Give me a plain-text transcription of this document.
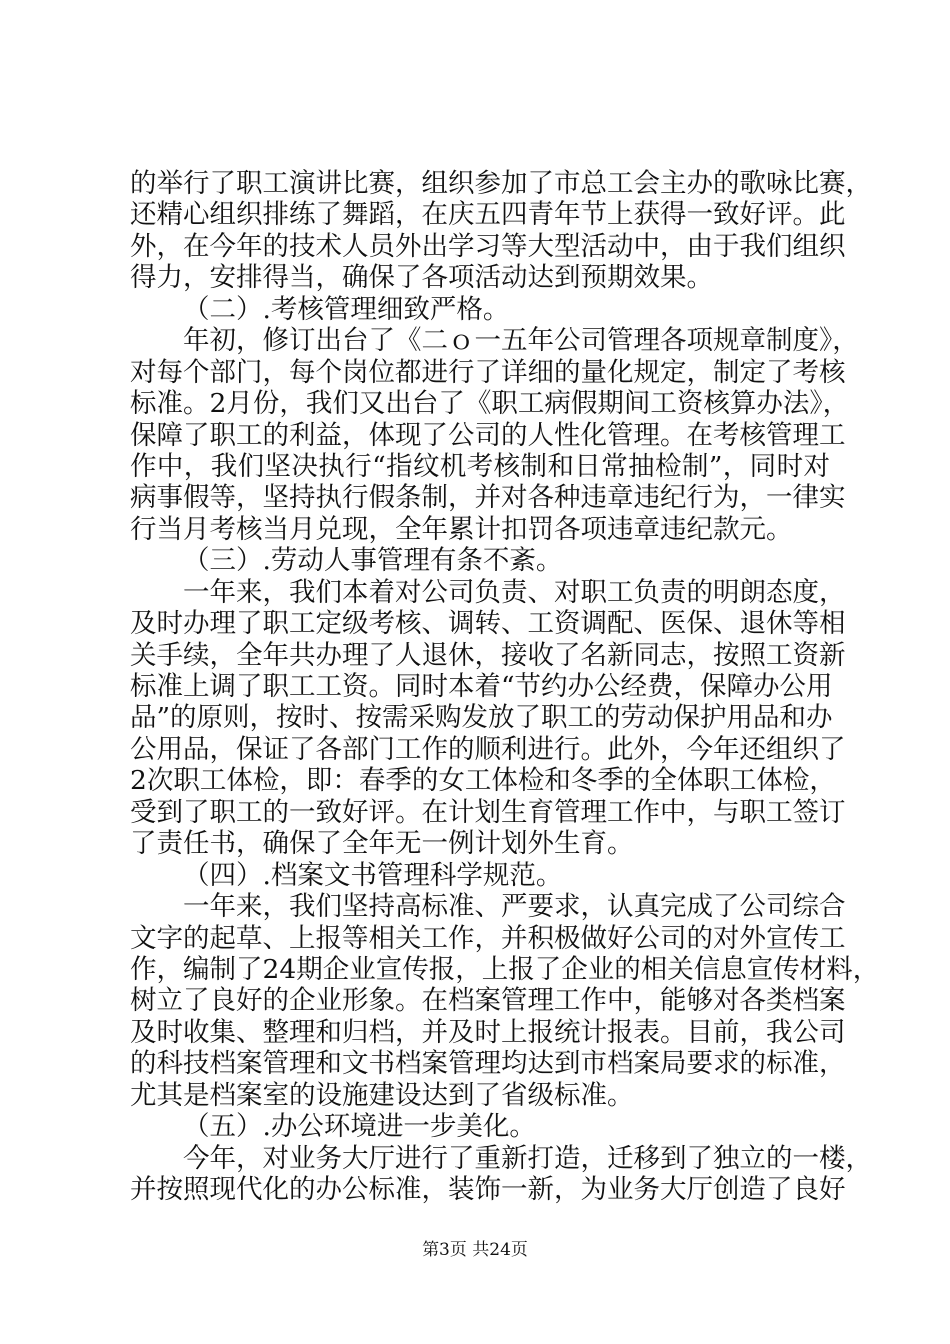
的举行了职工演讲比赛，组织参加了市总工会主办的歌咏比赛，
还精心组织排练了舞蹈，在庆五四青年节上获得一致好评。此
外，在今年的技术人员外出学习等大型活动中，由于我们组织
得力，安排得当，确保了各项活动达到预期效果。
（二）.考核管理细致严格。
年初，修订出台了《二ｏ一五年公司管理各项规章制度》，
对每个部门，每个岗位都进行了详细的量化规定，制定了考核
标准。2月份，我们又出台了《职工病假期间工资核算办法》，
保障了职工的利益，体现了公司的人性化管理。在考核管理工
作中，我们坚决执行“指纹机考核制和日常抽检制”，同时对
病事假等，坚持执行假条制，并对各种违章违纪行为，一律实
行当月考核当月兑现，全年累计扣罚各项违章违纪款元。
（三）.劳动人事管理有条不紊。
一年来，我们本着对公司负责、对职工负责的明朗态度，
及时办理了职工定级考核、调转、工资调配、医保、退休等相
关手续，全年共办理了人退休，接收了名新同志，按照工资新
标准上调了职工工资。同时本着“节约办公经费，保障办公用
品”的原则，按时、按需采购发放了职工的劳动保护用品和办
公用品，保证了各部门工作的顺利进行。此外，今年还组织了
2次职工体检，即：春季的女工体检和冬季的全体职工体检，
受到了职工的一致好评。在计划生育管理工作中，与职工签订
了责任书，确保了全年无一例计划外生育。
（四）.档案文书管理科学规范。
一年来，我们坚持高标准、严要求，认真完成了公司综合
文字的起草、上报等相关工作，并积极做好公司的对外宣传工
作，编制了24期企业宣传报，上报了企业的相关信息宣传材料，
树立了良好的企业形象。在档案管理工作中，能够对各类档案
及时收集、整理和归档，并及时上报统计报表。目前，我公司
的科技档案管理和文书档案管理均达到市档案局要求的标准，
尤其是档案室的设施建设达到了省级标准。
（五）.办公环境进一步美化。
今年，对业务大厅进行了重新打造，迁移到了独立的一楼，
并按照现代化的办公标准，装饰一新，为业务大厅创造了良好
第3页 共24页
